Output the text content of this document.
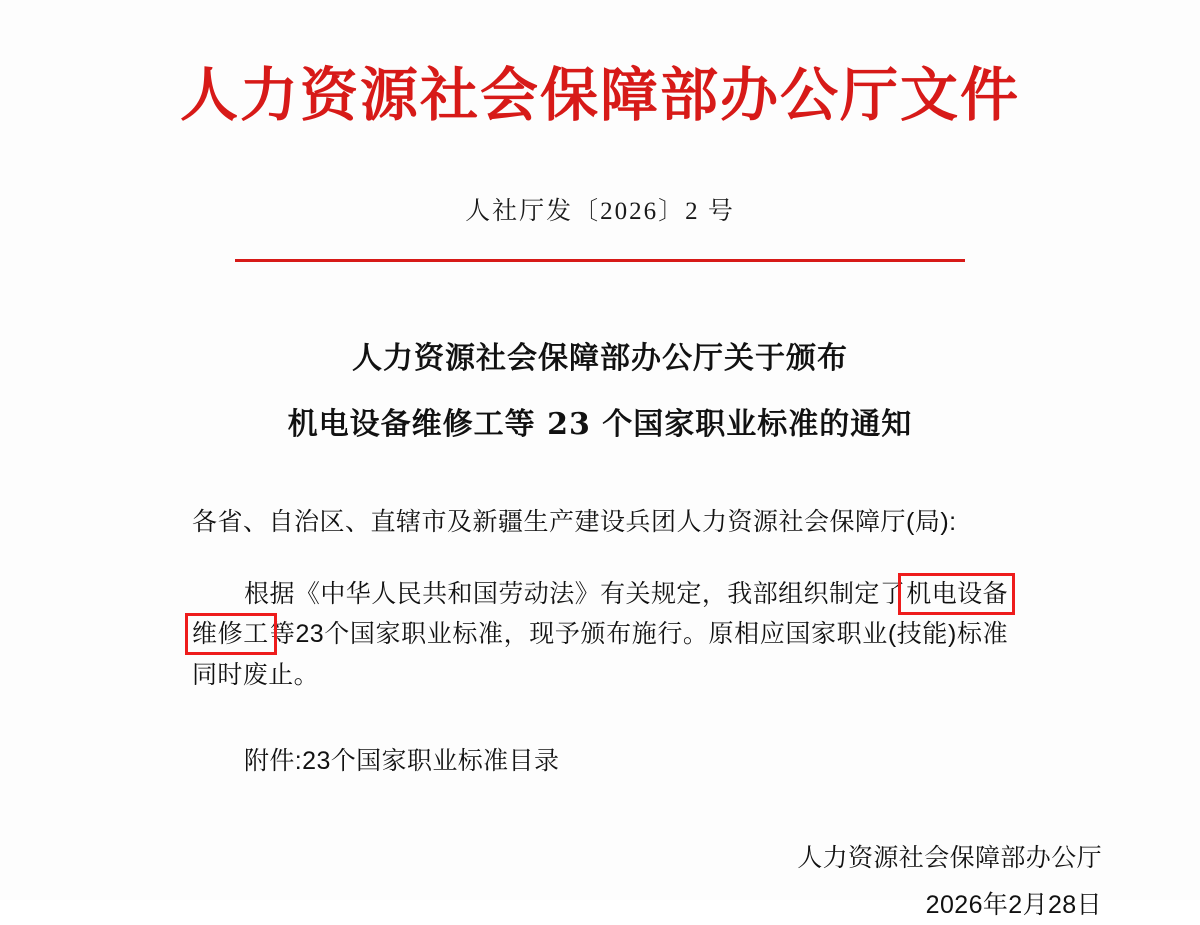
人力资源社会保障部办公厅文件
人社厅发〔2026〕2 号
人力资源社会保障部办公厅关于颁布
机电设备维修工等 23 个国家职业标准的通知
各省、自治区、直辖市及新疆生产建设兵团人力资源社会保障厅(局):
根据《中华人民共和国劳动法》有关规定，我部组织制定了机电设备维修工等23个国家职业标准，现予颁布施行。原相应国家职业(技能)标准同时废止。
附件:23个国家职业标准目录
人力资源社会保障部办公厅
2026年2月28日
